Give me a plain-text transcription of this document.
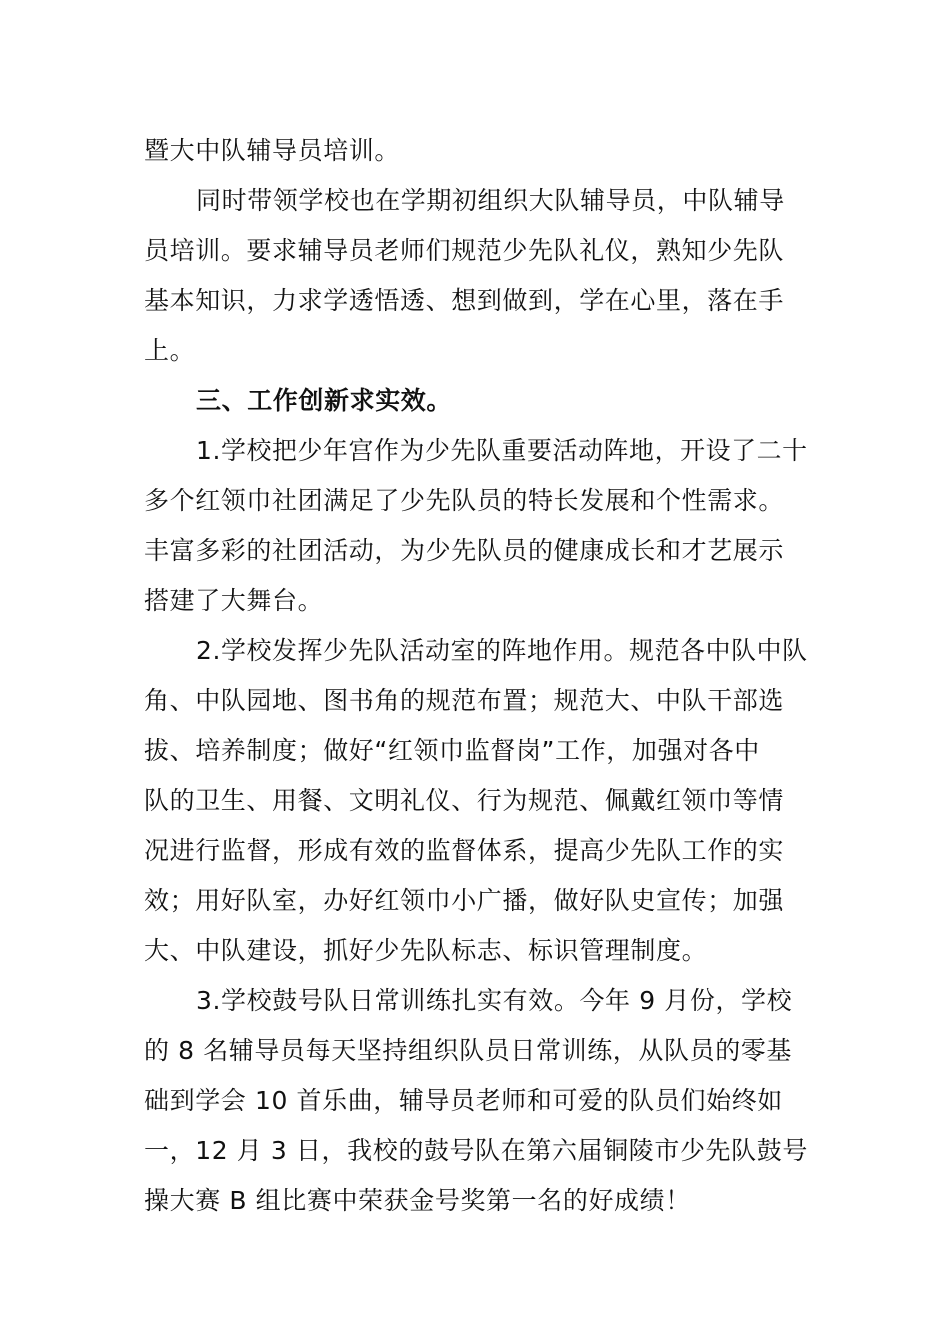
暨大中队辅导员培训。
同时带领学校也在学期初组织大队辅导员，中队辅导
员培训。要求辅导员老师们规范少先队礼仪，熟知少先队
基本知识，力求学透悟透、想到做到，学在心里，落在手
上。
三、工作创新求实效。
1.学校把少年宫作为少先队重要活动阵地，开设了二十
多个红领巾社团满足了少先队员的特长发展和个性需求。
丰富多彩的社团活动，为少先队员的健康成长和才艺展示
搭建了大舞台。
2.学校发挥少先队活动室的阵地作用。规范各中队中队
角、中队园地、图书角的规范布置；规范大、中队干部选
拔、培养制度；做好“红领巾监督岗”工作，加强对各中
队的卫生、用餐、文明礼仪、行为规范、佩戴红领巾等情
况进行监督，形成有效的监督体系，提高少先队工作的实
效；用好队室，办好红领巾小广播，做好队史宣传；加强
大、中队建设，抓好少先队标志、标识管理制度。
3.学校鼓号队日常训练扎实有效。今年 9 月份，学校
的 8 名辅导员每天坚持组织队员日常训练，从队员的零基
础到学会 10 首乐曲，辅导员老师和可爱的队员们始终如
一，12 月 3 日，我校的鼓号队在第六届铜陵市少先队鼓号
操大赛 B 组比赛中荣获金号奖第一名的好成绩！
